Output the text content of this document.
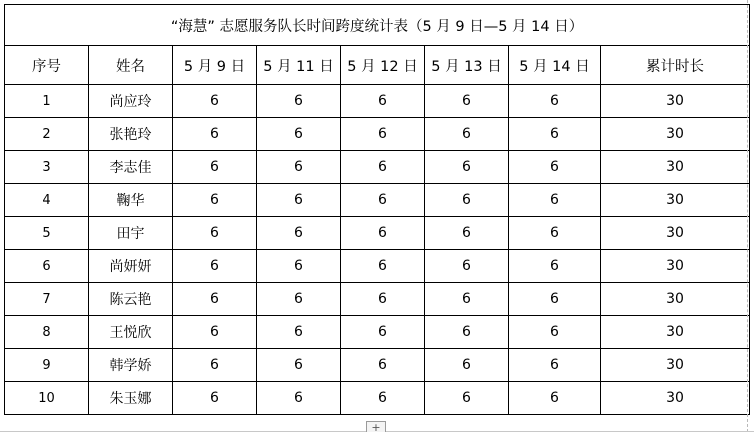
“海慧” 志愿服务队长时间跨度统计表（5 月 9 日—5 月 14 日）							
序号	姓名	5 月 9 日	5 月 11 日	5 月 12 日	5 月 13 日	5 月 14 日	累计时长
1	尚应玲	6	6	6	6	6	30
2	张艳玲	6	6	6	6	6	30
3	李志佳	6	6	6	6	6	30
4	鞠华	6	6	6	6	6	30
5	田宇	6	6	6	6	6	30
6	尚妍妍	6	6	6	6	6	30
7	陈云艳	6	6	6	6	6	30
8	王悦欣	6	6	6	6	6	30
9	韩学娇	6	6	6	6	6	30
10	朱玉娜	6	6	6	6	6	30
+
